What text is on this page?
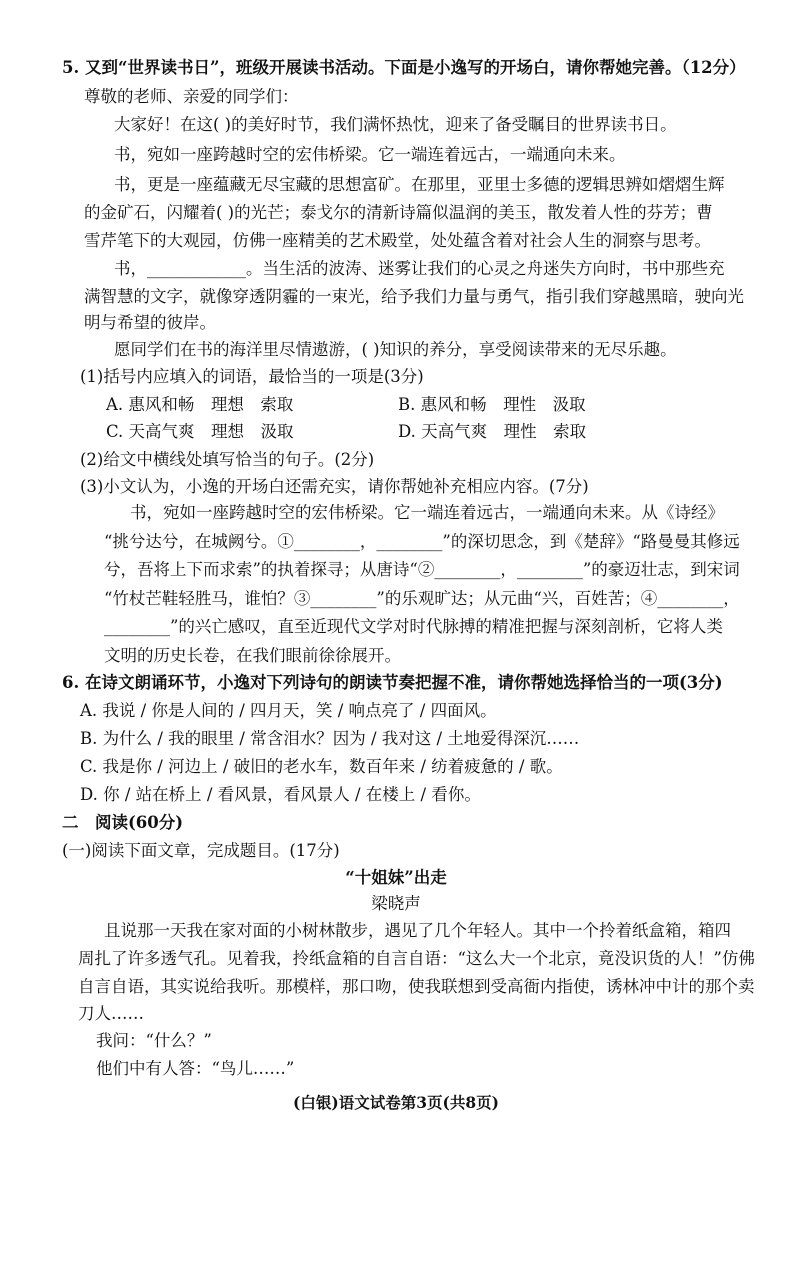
5. 又到“世界读书日”，班级开展读书活动。下面是小逸写的开场白，请你帮她完善。（12分）
尊敬的老师、亲爱的同学们：
大家好！在这( )的美好时节，我们满怀热忱，迎来了备受瞩目的世界读书日。
书，宛如一座跨越时空的宏伟桥梁。它一端连着远古，一端通向未来。
书，更是一座蕴藏无尽宝藏的思想富矿。在那里，亚里士多德的逻辑思辨如熠熠生辉
的金矿石，闪耀着( )的光芒；泰戈尔的清新诗篇似温润的美玉，散发着人性的芬芳；曹
雪芹笔下的大观园，仿佛一座精美的艺术殿堂，处处蕴含着对社会人生的洞察与思考。
书，____________。当生活的波涛、迷雾让我们的心灵之舟迷失方向时，书中那些充
满智慧的文字，就像穿透阴霾的一束光，给予我们力量与勇气，指引我们穿越黑暗，驶向光
明与希望的彼岸。
愿同学们在书的海洋里尽情遨游，( )知识的养分，享受阅读带来的无尽乐趣。
(1)括号内应填入的词语，最恰当的一项是(3分)
A. 惠风和畅　理想　索取	B. 惠风和畅　理性　汲取
C. 天高气爽　理想　汲取	D. 天高气爽　理性　索取
(2)给文中横线处填写恰当的句子。(2分)
(3)小文认为，小逸的开场白还需充实，请你帮她补充相应内容。(7分)
书，宛如一座跨越时空的宏伟桥梁。它一端连着远古，一端通向未来。从《诗经》
“挑兮达兮，在城阙兮。①________，________”的深切思念，到《楚辞》“路曼曼其修远
兮，吾将上下而求索”的执着探寻；从唐诗“②________，________”的豪迈壮志，到宋词
“竹杖芒鞋轻胜马，谁怕？③________”的乐观旷达；从元曲“兴，百姓苦；④________，
________”的兴亡感叹，直至近现代文学对时代脉搏的精准把握与深刻剖析，它将人类
文明的历史长卷，在我们眼前徐徐展开。
6. 在诗文朗诵环节，小逸对下列诗句的朗读节奏把握不准，请你帮她选择恰当的一项(3分)
A. 我说 / 你是人间的 / 四月天，笑 / 响点亮了 / 四面风。
B. 为什么 / 我的眼里 / 常含泪水？因为 / 我对这 / 土地爱得深沉……
C. 我是你 / 河边上 / 破旧的老水车，数百年来 / 纺着疲惫的 / 歌。
D. 你 / 站在桥上 / 看风景，看风景人 / 在楼上 / 看你。
二　阅读(60分)
(一)阅读下面文章，完成题目。(17分)
“十姐妹”出走
梁晓声
且说那一天我在家对面的小树林散步，遇见了几个年轻人。其中一个拎着纸盒箱，箱四
周扎了许多透气孔。见着我，拎纸盒箱的自言自语：“这么大一个北京，竟没识货的人！”仿佛
自言自语，其实说给我听。那模样，那口吻，使我联想到受高衙内指使，诱林冲中计的那个卖
刀人……
我问：“什么？”
他们中有人答：“鸟儿……”
(白银)语文试卷第3页(共8页)
